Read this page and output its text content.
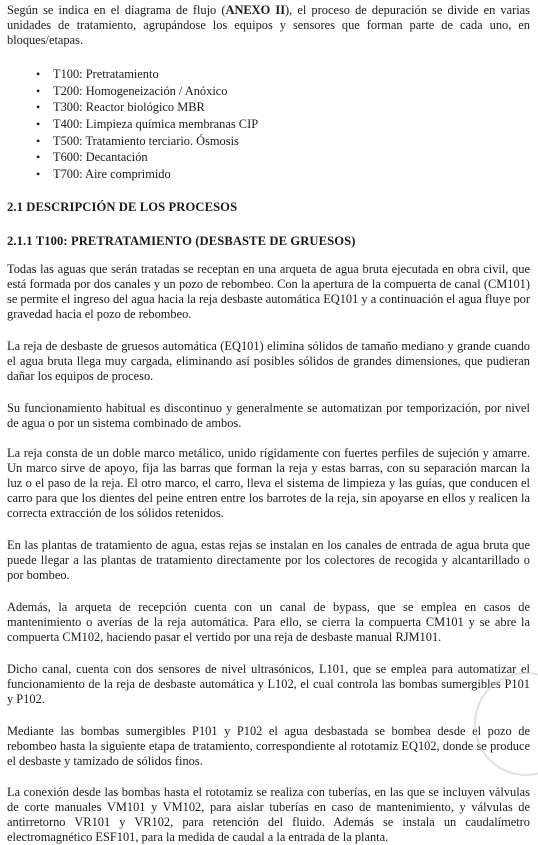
Según se indica en el diagrama de flujo (ANEXO II), el proceso de depuración se divide en varias unidades de tratamiento, agrupándose los equipos y sensores que forman parte de cada uno, en bloques/etapas.

• T100: Pretratamiento
• T200: Homogeneización / Anóxico
• T300: Reactor biológico MBR
• T400: Limpieza química membranas CIP
• T500: Tratamiento terciario. Ósmosis
• T600: Decantación
• T700: Aire comprimido
2.1 DESCRIPCIÓN DE LOS PROCESOS
2.1.1 T100: PRETRATAMIENTO (DESBASTE DE GRUESOS)

Todas las aguas que serán tratadas se receptan en una arqueta de agua bruta ejecutada en obra civil, que está formada por dos canales y un pozo de rebombeo. Con la apertura de la compuerta de canal (CM101) se permite el ingreso del agua hacia la reja desbaste automática EQ101 y a continuación el agua fluye por gravedad hacia el pozo de rebombeo.

La reja de desbaste de gruesos automática (EQ101) elimina sólidos de tamaño mediano y grande cuando el agua bruta llega muy cargada, eliminando así posibles sólidos de grandes dimensiones, que pudieran dañar los equipos de proceso.

Su funcionamiento habitual es discontinuo y generalmente se automatizan por temporización, por nivel de agua o por un sistema combinado de ambos.

La reja consta de un doble marco metálico, unido rígidamente con fuertes perfiles de sujeción y amarre. Un marco sirve de apoyo, fija las barras que forman la reja y estas barras, con su separación marcan la luz o el paso de la reja. El otro marco, el carro, lleva el sistema de limpieza y las guías, que conducen el carro para que los dientes del peine entren entre los barrotes de la reja, sin apoyarse en ellos y realicen la correcta extracción de los sólidos retenidos.

En las plantas de tratamiento de agua, estas rejas se instalan en los canales de entrada de agua bruta que puede llegar a las plantas de tratamiento directamente por los colectores de recogida y alcantarillado o por bombeo.

Además, la arqueta de recepción cuenta con un canal de bypass, que se emplea en casos de mantenimiento o averías de la reja automática. Para ello, se cierra la compuerta CM101 y se abre la compuerta CM102, haciendo pasar el vertido por una reja de desbaste manual RJM101.

Dicho canal, cuenta con dos sensores de nivel ultrasónicos, L101, que se emplea para automatizar el funcionamiento de la reja de desbaste automática y L102, el cual controla las bombas sumergibles P101 y P102.

Mediante las bombas sumergibles P101 y P102 el agua desbastada se bombea desde el pozo de rebombeo hasta la siguiente etapa de tratamiento, correspondiente al rototamiz EQ102, donde se produce el desbaste y tamizado de sólidos finos.

La conexión desde las bombas hasta el rototamiz se realiza con tuberías, en las que se incluyen válvulas de corte manuales VM101 y VM102, para aislar tuberías en caso de mantenimiento, y válvulas de antirretorno VR101 y VR102, para retención del fluido. Además se instala un caudalímetro electromagnético ESF101, para la medida de caudal a la entrada de la planta.
